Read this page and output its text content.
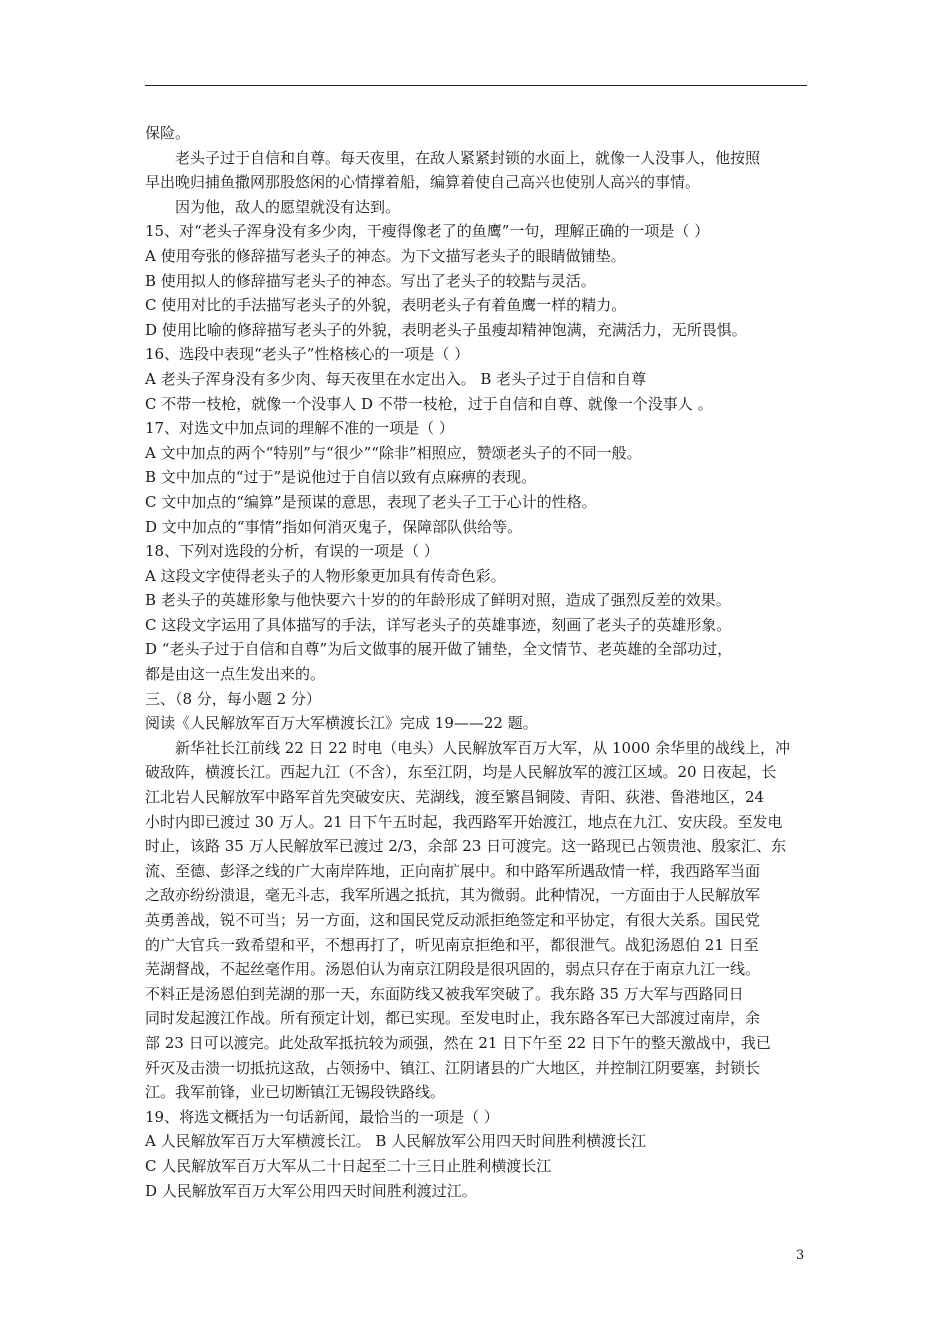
保险。

老头子过于自信和自尊。每天夜里，在敌人紧紧封锁的水面上，就像一人没事人，他按照

早出晚归捕鱼撒网那股悠闲的心情撑着船，编算着使自己高兴也使别人高兴的事情。

因为他，敌人的愿望就没有达到。

15、对“老头子浑身没有多少肉，干瘦得像老了的鱼鹰”一句，理解正确的一项是（ ）

A 使用夸张的修辞描写老头子的神态。为下文描写老头子的眼睛做铺垫。

B 使用拟人的修辞描写老头子的神态。写出了老头子的较黠与灵活。

C 使用对比的手法描写老头子的外貌，表明老头子有着鱼鹰一样的精力。

D 使用比喻的修辞描写老头子的外貌，表明老头子虽瘦却精神饱满，充满活力，无所畏惧。

16、选段中表现“老头子”性格核心的一项是（ ）

A 老头子浑身没有多少肉、每天夜里在水定出入。 B 老头子过于自信和自尊

C 不带一枝枪，就像一个没事人 D 不带一枝枪，过于自信和自尊、就像一个没事人 。

17、对选文中加点词的理解不准的一项是（ ）

A 文中加点的两个“特别”与“很少”“除非”相照应，赞颂老头子的不同一般。

B 文中加点的“过于”是说他过于自信以致有点麻痹的表现。

C 文中加点的“编算”是预谋的意思，表现了老头子工于心计的性格。

D 文中加点的“事情”指如何消灭鬼子，保障部队供给等。

18、下列对选段的分析，有误的一项是（ ）

A 这段文字使得老头子的人物形象更加具有传奇色彩。

B 老头子的英雄形象与他快要六十岁的的年龄形成了鲜明对照，造成了强烈反差的效果。

C 这段文字运用了具体描写的手法，详写老头子的英雄事迹，刻画了老头子的英雄形象。

D “老头子过于自信和自尊”为后文做事的展开做了铺垫，全文情节、老英雄的全部功过，

都是由这一点生发出来的。

三、（8 分，每小题 2 分）

阅读《人民解放军百万大军横渡长江》完成 19——22 题。

新华社长江前线 22 日 22 时电（电头）人民解放军百万大军，从 1000 余华里的战线上，冲

破敌阵，横渡长江。西起九江（不含），东至江阴，均是人民解放军的渡江区域。20 日夜起，长

江北岩人民解放军中路军首先突破安庆、芜湖线，渡至繁昌铜陵、青阳、荻港、鲁港地区，24

小时内即已渡过 30 万人。21 日下午五时起，我西路军开始渡江，地点在九江、安庆段。至发电

时止，该路 35 万人民解放军已渡过 2/3，余部 23 日可渡完。这一路现已占领贵池、殷家汇、东

流、至德、彭泽之线的广大南岸阵地，正向南扩展中。和中路军所遇敌情一样，我西路军当面

之敌亦纷纷溃退，毫无斗志，我军所遇之抵抗，其为微弱。此种情况，一方面由于人民解放军

英勇善战，锐不可当；另一方面，这和国民党反动派拒绝签定和平协定，有很大关系。国民党

的广大官兵一致希望和平，不想再打了，听见南京拒绝和平，都很泄气。战犯汤恩伯 21 日至

芜湖督战，不起丝毫作用。汤恩伯认为南京江阴段是很巩固的，弱点只存在于南京九江一线。

不料正是汤恩伯到芜湖的那一天，东面防线又被我军突破了。我东路 35 万大军与西路同日

同时发起渡江作战。所有预定计划，都已实现。至发电时止，我东路各军已大部渡过南岸，余

部 23 日可以渡完。此处敌军抵抗较为顽强，然在 21 日下午至 22 日下午的整天激战中，我已

歼灭及击溃一切抵抗这敌，占领扬中、镇江、江阴诸县的广大地区，并控制江阴要塞，封锁长

江。我军前锋，业已切断镇江无锡段铁路线。

19、将选文概括为一句话新闻，最恰当的一项是（ ）

A 人民解放军百万大军横渡长江。 B 人民解放军公用四天时间胜利横渡长江

C 人民解放军百万大军从二十日起至二十三日止胜利横渡长江

D 人民解放军百万大军公用四天时间胜利渡过江。

3
